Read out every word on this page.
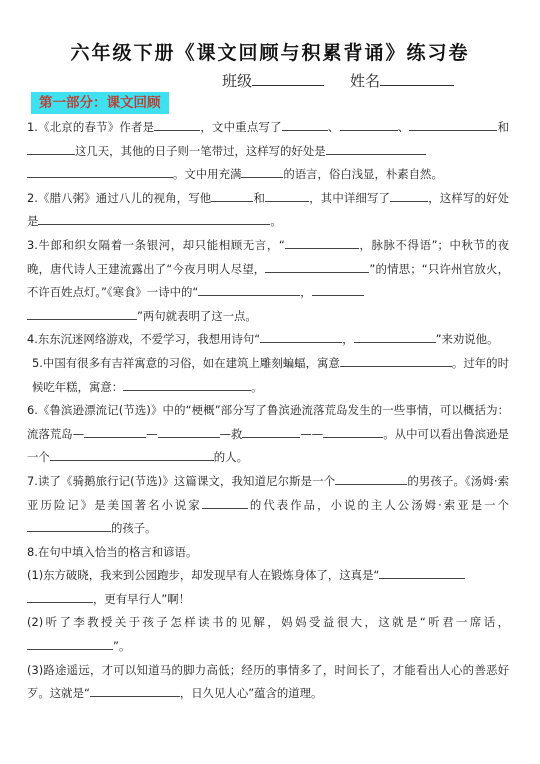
六年级下册《课文回顾与积累背诵》练习卷
班级	姓名
第一部分：课文回顾

1.《北京的春节》作者是	，文中重点写了	、	、	和这几天，其他的日子则一笔带过，这样写的好处是
。文中用充满	的语言，俗白浅显，朴素自然。

2.《腊八粥》通过八儿的视角，写他	和	，其中详细写了	，这样写的好处是	。

3.牛郎和织女隔着一条银河，却只能相顾无言，“	，脉脉不得语”；中秋节的夜晚，唐代诗人王建流露出了“今夜月明人尽望，	”的情思；“只许州官放火，不许百姓点灯。”《寒食》一诗中的“	，
”两句就表明了这一点。

4.东东沉迷网络游戏，不爱学习，我想用诗句“	，	”来劝说他。

5.中国有很多有吉祥寓意的习俗，如在建筑上雕刻蝙蝠，寓意	。过年的时候吃年糕，寓意：	。

6.《鲁滨逊漂流记(节选)》中的“梗概”部分写了鲁滨逊流落荒岛发生的一些事情，可以概括为：流落荒岛—	—	—救	——	。从中可以看出鲁滨逊是一个	的人。

7.读了《骑鹅旅行记(节选)》这篇课文，我知道尼尔斯是一个	的男孩子。《汤姆·索亚历险记》是美国著名小说家	的代表作品，小说的主人公汤姆·索亚是一个的孩子。

8.在句中填入恰当的格言和谚语。
(1)东方破晓，我来到公园跑步，却发现早有人在锻炼身体了，这真是“
，更有早行人”啊！
(2)听了李教授关于孩子怎样读书的见解，妈妈受益很大，这就是“听君一席话，”。
(3)路途遥远，才可以知道马的脚力高低；经历的事情多了，时间长了，才能看出人心的善恶好歹。这就是“	，日久见人心”蕴含的道理。
